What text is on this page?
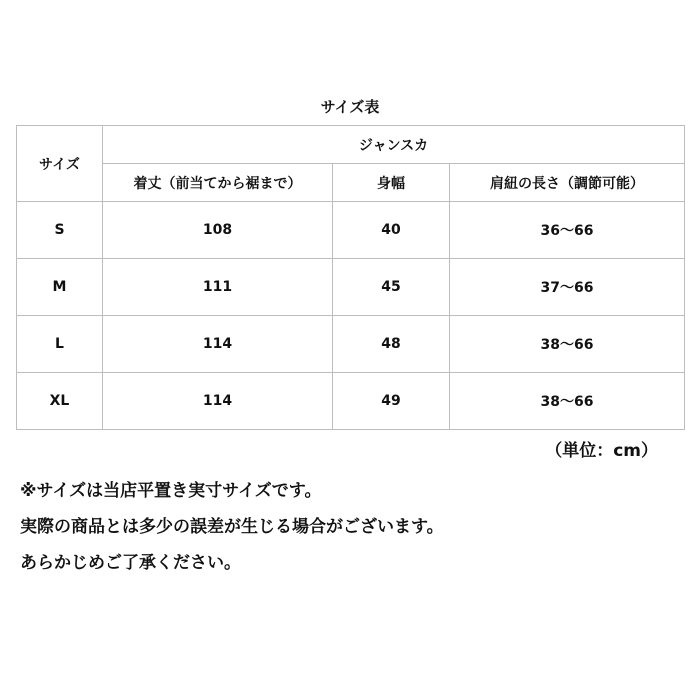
サイズ表
サイズ	ジャンスカ		
	着丈（前当てから裾まで）	身幅	肩紐の長さ（調節可能）
S	108	40	36〜66
M	111	45	37〜66
L	114	48	38〜66
XL	114	49	38〜66
（単位：cm）
※サイズは当店平置き実寸サイズです。
実際の商品とは多少の誤差が生じる場合がございます。
あらかじめご了承ください。
